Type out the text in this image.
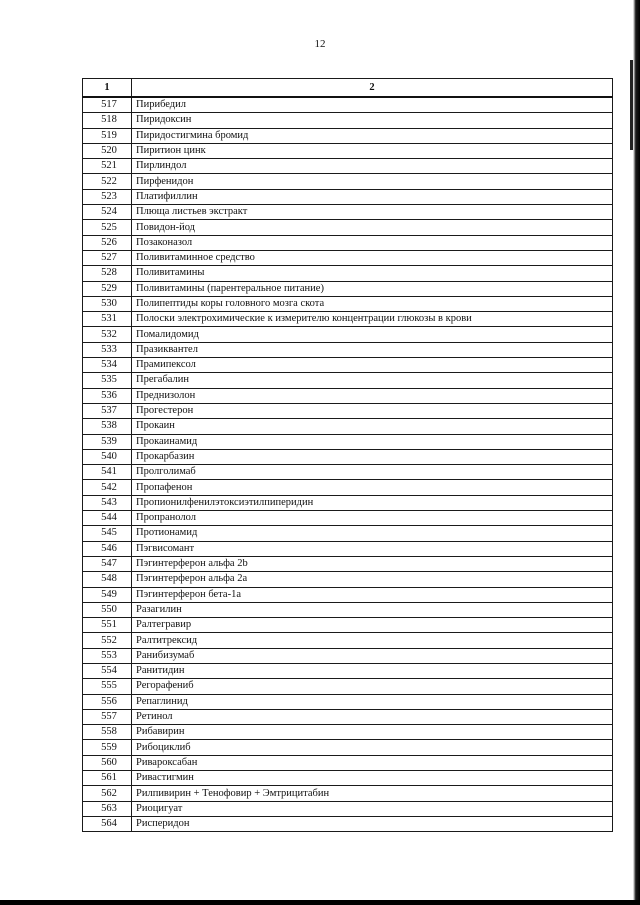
12
1	2
517	Пирибедил
518	Пиридоксин
519	Пиридостигмина бромид
520	Пиритион цинк
521	Пирлиндол
522	Пирфенидон
523	Платифиллин
524	Плюща листьев экстракт
525	Повидон-йод
526	Позаконазол
527	Поливитаминное средство
528	Поливитамины
529	Поливитамины (парентеральное питание)
530	Полипептиды коры головного мозга скота
531	Полоски электрохимические к измерителю концентрации глюкозы в крови
532	Помалидомид
533	Празиквантел
534	Прамипексол
535	Прегабалин
536	Преднизолон
537	Прогестерон
538	Прокаин
539	Прокаинамид
540	Прокарбазин
541	Пролголимаб
542	Пропафенон
543	Пропионилфенилэтоксиэтилпиперидин
544	Пропранолол
545	Протионамид
546	Пэгвисомант
547	Пэгинтерферон альфа 2b
548	Пэгинтерферон альфа 2а
549	Пэгинтерферон бета-1а
550	Разагилин
551	Ралтегравир
552	Ралтитрексид
553	Ранибизумаб
554	Ранитидин
555	Регорафениб
556	Репаглинид
557	Ретинол
558	Рибавирин
559	Рибоциклиб
560	Ривароксабан
561	Ривастигмин
562	Рилпивирин + Тенофовир + Эмтрицитабин
563	Риоцигуат
564	Рисперидон
